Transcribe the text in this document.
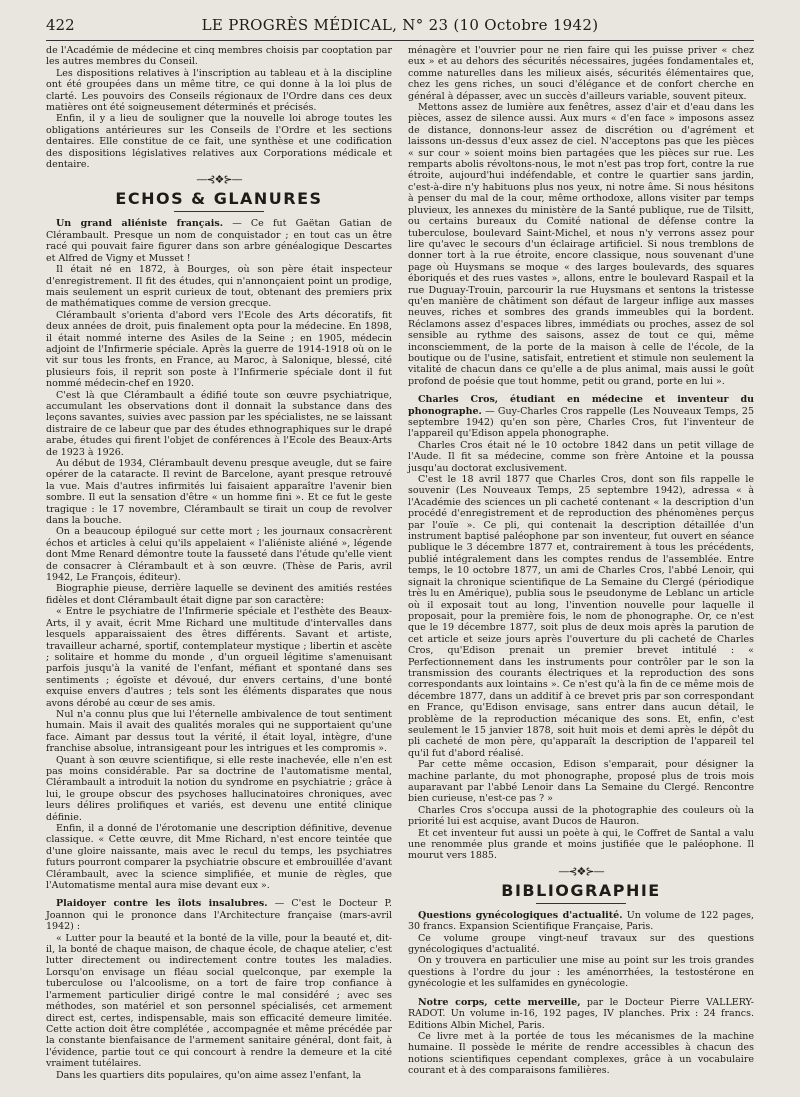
422	LE PROGRÈS MÉDICAL, N° 23 (10 Octobre 1942)

de l'Académie de médecine et cinq membres choisis par cooptation par les autres membres du Conseil.

Les dispositions relatives à l'inscription au tableau et à la discipline ont été groupées dans un même titre, ce qui donne à la loi plus de clarté. Les pouvoirs des Conseils régionaux de l'Ordre dans ces deux matières ont été soigneusement déterminés et précisés.

Enfin, il y a lieu de souligner que la nouvelle loi abroge toutes les obligations antérieures sur les Conseils de l'Ordre et les sections dentaires. Elle constitue de ce fait, une synthèse et une codification des dispositions législatives relatives aux Corporations médicale et dentaire.

—⊰❖⊱—
ECHOS & GLANURES

Un grand aliéniste français. — Ce fut Gaëtan Gatian de Clérambault. Presque un nom de conquistador ; en tout cas un être racé qui pouvait faire figurer dans son arbre généalogique Descartes et Alfred de Vigny et Musset !

Il était né en 1872, à Bourges, où son père était inspecteur d'enregistrement. Il fit des études, qui n'annonçaient point un prodige, mais seulement un esprit curieux de tout, obtenant des premiers prix de mathématiques comme de version grecque.

Clérambault s'orienta d'abord vers l'Ecole des Arts décoratifs, fit deux années de droit, puis finalement opta pour la médecine. En 1898, il était nommé interne des Asiles de la Seine ; en 1905, médecin adjoint de l'Infirmerie spéciale. Après la guerre de 1914-1918 où on le vit sur tous les fronts, en France, au Maroc, à Salonique, blessé, cité plusieurs fois, il reprit son poste à l'Infirmerie spéciale dont il fut nommé médecin-chef en 1920.

C'est là que Clérambault a édifié toute son œuvre psychiatrique, accumulant les observations dont il donnait la substance dans des leçons savantes, suivies avec passion par les spécialistes, ne se laissant distraire de ce labeur que par des études ethnographiques sur le drapé arabe, études qui firent l'objet de conférences à l'Ecole des Beaux-Arts de 1923 à 1926.

Au début de 1934, Clérambault devenu presque aveugle, dut se faire opérer de la cataracte. Il revint de Barcelone, ayant presque retrouvé la vue. Mais d'autres infirmités lui faisaient apparaître l'avenir bien sombre. Il eut la sensation d'être « un homme fini ». Et ce fut le geste tragique : le 17 novembre, Clérambault se tirait un coup de revolver dans la bouche.

On a beaucoup épilogué sur cette mort ; les journaux consacrèrent échos et articles à celui qu'ils appelaient « l'aliéniste aliéné », légende dont Mme Renard démontre toute la fausseté dans l'étude qu'elle vient de consacrer à Clérambault et à son œuvre. (Thèse de Paris, avril 1942, Le François, éditeur).

Biographie pieuse, derrière laquelle se devinent des amitiés restées fidèles et dont Clérambault était digne par son caractère:

« Entre le psychiatre de l'Infirmerie spéciale et l'esthète des Beaux-Arts, il y avait, écrit Mme Richard une multitude d'intervalles dans lesquels apparaissaient des êtres différents. Savant et artiste, travailleur acharné, sportif, contemplateur mystique ; libertin et ascète ; solitaire et homme du monde , d'un orgueil légitime s'amenuisant parfois jusqu'à la vanité de l'enfant, méfiant et spontané dans ses sentiments ; égoïste et dévoué, dur envers certains, d'une bonté exquise envers d'autres ; tels sont les éléments disparates que nous avons dérobé au cœur de ses amis.

Nul n'a connu plus que lui l'éternelle ambivalence de tout sentiment humain. Mais il avait des qualités morales qui ne supportaient qu'une face. Aimant par dessus tout la vérité, il était loyal, intègre, d'une franchise absolue, intransigeant pour les intrigues et les compromis ».

Quant à son œuvre scientifique, si elle reste inachevée, elle n'en est pas moins considérable. Par sa doctrine de l'automatisme mental, Clérambault a introduit la notion du syndrome en psychiatrie ; grâce à lui, le groupe obscur des psychoses hallucinatoires chroniques, avec leurs délires prolifiques et variés, est devenu une entité clinique définie.

Enfin, il a donné de l'érotomanie une description définitive, devenue classique. « Cette œuvre, dit Mme Richard, n'est encore teintée que d'une gloire naissante, mais avec le recul du temps, les psychiatres futurs pourront comparer la psychiatrie obscure et embrouillée d'avant Clérambault, avec la science simplifiée, et munie de règles, que l'Automatisme mental aura mise devant eux ».

Plaidoyer contre les îlots insalubres. — C'est le Docteur P. Joannon qui le prononce dans l'Architecture française (mars-avril 1942) :

« Lutter pour la beauté et la bonté de la ville, pour la beauté et, dit-il, la bonté de chaque maison, de chaque école, de chaque atelier, c'est lutter directement ou indirectement contre toutes les maladies. Lorsqu'on envisage un fléau social quelconque, par exemple la tuberculose ou l'alcoolisme, on a tort de faire trop confiance à l'armement particulier dirigé contre le mal considéré ; avec ses méthodes, son matériel et son personnel spécialisés, cet armement direct est, certes, indispensable, mais son efficacité demeure limitée. Cette action doit être complétée , accompagnée et même précédée par la constante bienfaisance de l'armement sanitaire général, dont fait, à l'évidence, partie tout ce qui concourt à rendre la demeure et la cité vraiment tutélaires.

Dans les quartiers dits populaires, qu'on aime assez l'enfant, la

ménagère et l'ouvrier pour ne rien faire qui les puisse priver « chez eux » et au dehors des sécurités nécessaires, jugées fondamentales et, comme naturelles dans les milieux aisés, sécurités élémentaires que, chez les gens riches, un souci d'élégance et de confort cherche en général à dépasser, avec un succès d'ailleurs variable, souvent piteux.

Mettons assez de lumière aux fenêtres, assez d'air et d'eau dans les pièces, assez de silence aussi. Aux murs « d'en face » imposons assez de distance, donnons-leur assez de discrétion ou d'agrément et laissons un-dessus d'eux assez de ciel. N'acceptons pas que les pièces « sur cour » soient moins bien partagées que les pièces sur rue. Les remparts abolis révoltons-nous, le mot n'est pas trop fort, contre la rue étroite, aujourd'hui indéfendable, et contre le quartier sans jardin, c'est-à-dire n'y habituons plus nos yeux, ni notre âme. Si nous hésitons à penser du mal de la cour, même orthodoxe, allons visiter par temps pluvieux, les annexes du ministère de la Santé publique, rue de Tilsitt, ou certains bureaux du Comité national de défense contre la tuberculose, boulevard Saint-Michel, et nous n'y verrons assez pour lire qu'avec le secours d'un éclairage artificiel. Si nous tremblons de donner tort à la rue étroite, encore classique, nous souvenant d'une page où Huysmans se moque « des larges boulevards, des squares éboriqués et des rues vastes », allons, entre le boulevard Raspail et la rue Duguay-Trouin, parcourir la rue Huysmans et sentons la tristesse qu'en manière de châtiment son défaut de largeur inflige aux masses neuves, riches et sombres des grands immeubles qui la bordent. Réclamons assez d'espaces libres, immédiats ou proches, assez de sol sensible au rythme des saisons, assez de tout ce qui, même inconsciemment, de la porte de la maison à celle de l'école, de la boutique ou de l'usine, satisfait, entretient et stimule non seulement la vitalité de chacun dans ce qu'elle a de plus animal, mais aussi le goût profond de poésie que tout homme, petit ou grand, porte en lui ».

Charles Cros, étudiant en médecine et inventeur du phonographe. — Guy-Charles Cros rappelle (Les Nouveaux Temps, 25 septembre 1942) qu'en son père, Charles Cros, fut l'inventeur de l'appareil qu'Edison appela phonographe.

Charles Cros était né le 10 octobre 1842 dans un petit village de l'Aude. Il fit sa médecine, comme son frère Antoine et la poussa jusqu'au doctorat exclusivement.

C'est le 18 avril 1877 que Charles Cros, dont son fils rappelle le souvenir (Les Nouveaux Temps, 25 septembre 1942), adressa « à l'Académie des sciences un pli cacheté contenant « la description d'un procédé d'enregistrement et de reproduction des phénomènes perçus par l'ouïe ». Ce pli, qui contenait la description détaillée d'un instrument baptisé paléophone par son inventeur, fut ouvert en séance publique le 3 décembre 1877 et, contrairement à tous les précédents, publié intégralement dans les comptes rendus de l'assemblée. Entre temps, le 10 octobre 1877, un ami de Charles Cros, l'abbé Lenoir, qui signait la chronique scientifique de La Semaine du Clergé (périodique très lu en Amérique), publia sous le pseudonyme de Leblanc un article où il exposait tout au long, l'invention nouvelle pour laquelle il proposait, pour la première fois, le nom de phonographe. Or, ce n'est que le 19 décembre 1877, soit plus de deux mois après la parution de cet article et seize jours après l'ouverture du pli cacheté de Charles Cros, qu'Edison prenait un premier brevet intitulé : « Perfectionnement dans les instruments pour contrôler par le son la transmission des courants électriques et la reproduction des sons correspondants aux lointains ». Ce n'est qu'à la fin de ce même mois de décembre 1877, dans un additif à ce brevet pris par son correspondant en France, qu'Edison envisage, sans entrer dans aucun détail, le problème de la reproduction mécanique des sons. Et, enfin, c'est seulement le 15 janvier 1878, soit huit mois et demi après le dépôt du pli cacheté de mon père, qu'apparaît la description de l'appareil tel qu'il fut d'abord réalisé.

Par cette même occasion, Edison s'emparait, pour désigner la machine parlante, du mot phonographe, proposé plus de trois mois auparavant par l'abbé Lenoir dans La Semaine du Clergé. Rencontre bien curieuse, n'est-ce pas ? »

Charles Cros s'occupa aussi de la photographie des couleurs où la priorité lui est acquise, avant Ducos de Hauron.

Et cet inventeur fut aussi un poète à qui, le Coffret de Santal a valu une renommée plus grande et moins justifiée que le paléophone. Il mourut vers 1885.

—⊰❖⊱—
BIBLIOGRAPHIE

Questions gynécologiques d'actualité. Un volume de 122 pages, 30 francs. Expansion Scientifique Française, Paris.

Ce volume groupe vingt-neuf travaux sur des questions gynécologiques d'actualité.

On y trouvera en particulier une mise au point sur les trois grandes questions à l'ordre du jour : les aménorrhées, la testostérone en gynécologie et les sulfamides en gynécologie.

Notre corps, cette merveille, par le Docteur Pierre VALLERY-RADOT. Un volume in-16, 192 pages, IV planches. Prix : 24 francs. Editions Albin Michel, Paris.

Ce livre met à la portée de tous les mécanismes de la machine humaine. Il possède le mérite de rendre accessibles à chacun des notions scientifiques cependant complexes, grâce à un vocabulaire courant et à des comparaisons familières.
